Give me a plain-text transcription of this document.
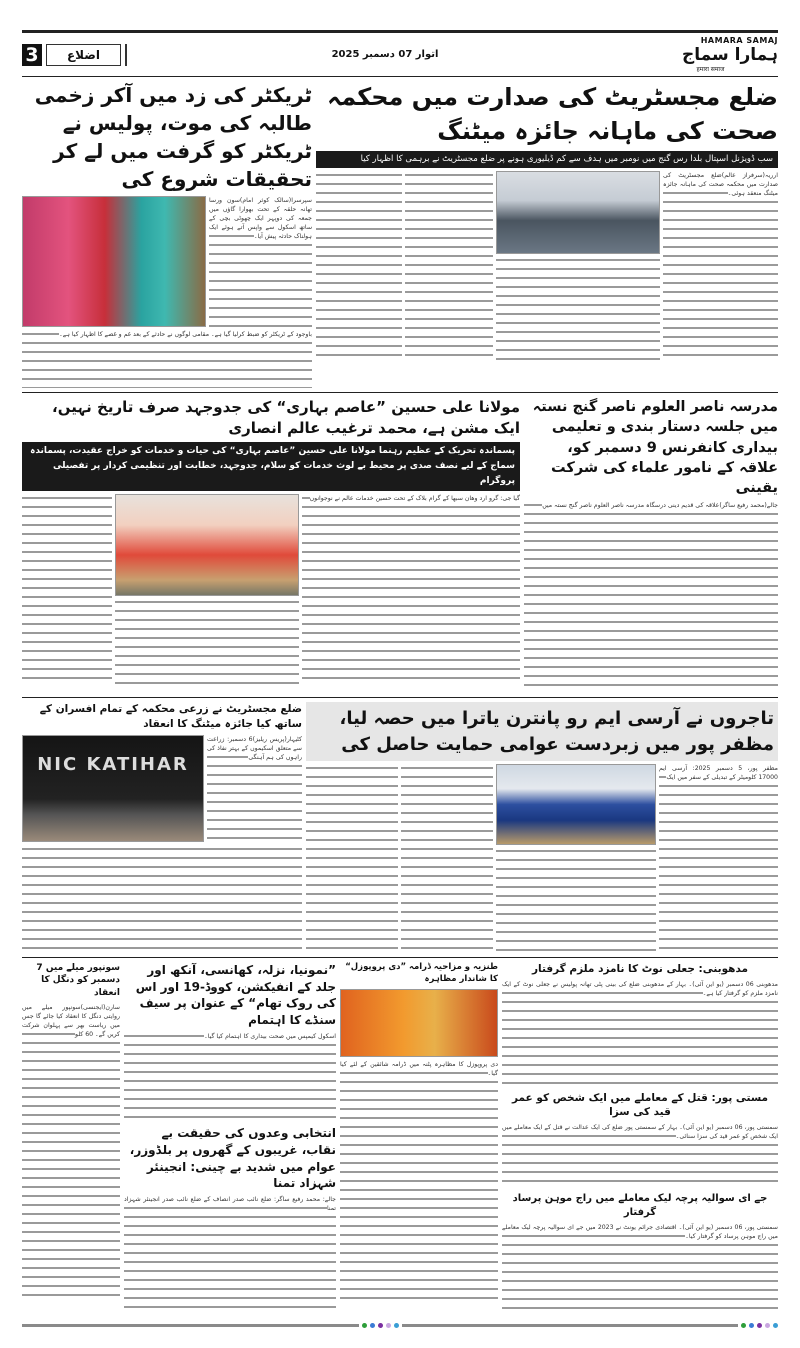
3	اضلاع	اتوار 07 دسمبر 2025
HAMARA SAMAJ
ہمارا سماج
हमारा समाज
ٹریکٹر کی زد میں آکر زخمی طالبہ کی موت، پولیس نے ٹریکٹر کو گرفت میں لے کر تحقیقات شروع کی
سپرسرا(سالک کوثر امام)سون ورسا تھانہ حلقہ کے تحت بھوارا گاؤں میں جمعہ کی دوپہر ایک چھوٹی بچی کے ساتھ اسکول سے واپس آتے ہوئے ایک ہولناک حادثہ پیش آیا۔
باوجود کے ٹریکٹر کو ضبط کرلیا گیا ہے۔ مقامی لوگوں نے حادثے کے بعد غم و غصے کا اظہار کیا ہے۔
ضلع مجسٹریٹ کی صدارت میں محکمہ صحت کی ماہانہ جائزہ میٹنگ
سب ڈویژنل اسپتال بلدا رس گنج میں نومبر میں ہدف سے کم ڈیلیوری ہونے پر ضلع مجسٹریٹ نے برہمی کا اظہار کیا
ارریہ(سرفراز عالم)ضلع مجسٹریٹ کی صدارت میں محکمہ صحت کی ماہانہ جائزہ میٹنگ منعقد ہوئی۔
مولانا علی حسین ”عاصم بہاری“ کی جدوجہد صرف تاریخ نہیں، ایک مشن ہے، محمد ترغیب عالم انصاری
پسماندہ تحریک کے عظیم رہنما مولانا علی حسین ”عاصم بہاری“ کی حیات و خدمات کو خراج عقیدت، پسماندہ سماج کے لیے نصف صدی پر محیط بے لوث خدمات کو سلام، جدوجہد، خطابت اور تنظیمی کردار پر تفصیلی پروگرام
گیا جی: گرو ارد وھان سبھا کے گرام بلاک کے تحت حسین خدمات عالم نے نوجوانوں
مدرسہ ناصر العلوم ناصر گنج نستہ میں جلسہ دستار بندی و تعلیمی بیداری کانفرنس 9 دسمبر کو، علاقہ کے نامور علماء کی شرکت یقینی
جالے(محمد رفیع ساگر)علاقہ کی قدیم دینی درسگاہ مدرسہ ناصر العلوم ناصر گنج نستہ میں
ضلع مجسٹریٹ نے زرعی محکمہ کے تمام افسران کے ساتھ کیا جائزہ میٹنگ کا انعقاد
NIC KATIHAR
کٹیہار(پریس ریلیز)6 دسمبر: زراعت سے متعلق اسکیموں کے بہتر نفاذ کی راہوں کی ہم آہنگی
تاجروں نے آرسی ایم رو پانترن یاترا میں حصہ لیا، مظفر پور میں زبردست عوامی حمایت حاصل کی
مظفر پور، 5 دسمبر 2025: آرسی ایم 17000 کلومیٹر کے تبدیلی کے سفر میں ایک
سونپور میلے میں 7 دسمبر کو دنگل کا انعقاد
سارن(ایجنسی)سونپور میلے میں روایتی دنگل کا انعقاد کیا جائے گا جس میں ریاست بھر سے پہلوان شرکت کریں گے۔ 60 کلو
”نمونیا، نزلہ، کھانسی، آنکھ اور جلد کے انفیکشن، کووڈ-19 اور اس کی روک تھام“ کے عنوان پر سیف سنڈے کا اہتمام
اسکول کیمپس میں صحت بیداری کا اہتمام کیا گیا۔
انتخابی وعدوں کی حقیقت بے نقاب، غریبوں کے گھروں پر بلڈوزر، عوام میں شدید بے چینی: انجینئر شہزاد تمنا
جالے: محمد رفیع ساگر: ضلع نائب صدر انصاف کے ضلع نائب صدر انجینئر شہزاد تمنا
طنزیہ و مزاحیہ ڈرامہ ”دی پروپوزل“ کا شاندار مظاہرہ
دی پروپوزل کا مظاہرہ پٹنہ میں ڈرامہ شائقین کے لئے کیا گیا۔
مدھوبنی: جعلی نوٹ کا نامزد ملزم گرفتار
مدھوبنی 06 دسمبر (یو این آئی)۔ بہار کے مدھوبنی ضلع کی بینی پٹی تھانہ پولیس نے جعلی نوٹ کے ایک نامزد ملزم کو گرفتار کیا ہے۔
مستی پور: قتل کے معاملے میں ایک شخص کو عمر قید کی سزا
سمستی پور، 06 دسمبر (یو این آئی)۔ بہار کے سمستی پور ضلع کی ایک عدالت نے قتل کے ایک معاملے میں ایک شخص کو عمر قید کی سزا سنائی۔
جے ای سوالیہ پرچہ لیک معاملے میں راج موہن پرساد گرفتار
سمستی پور، 06 دسمبر (یو این آئی)۔ اقتصادی جرائم یونٹ نے 2023 میں جے ای سوالیہ پرچہ لیک معاملے میں راج موہن پرساد کو گرفتار کیا۔
